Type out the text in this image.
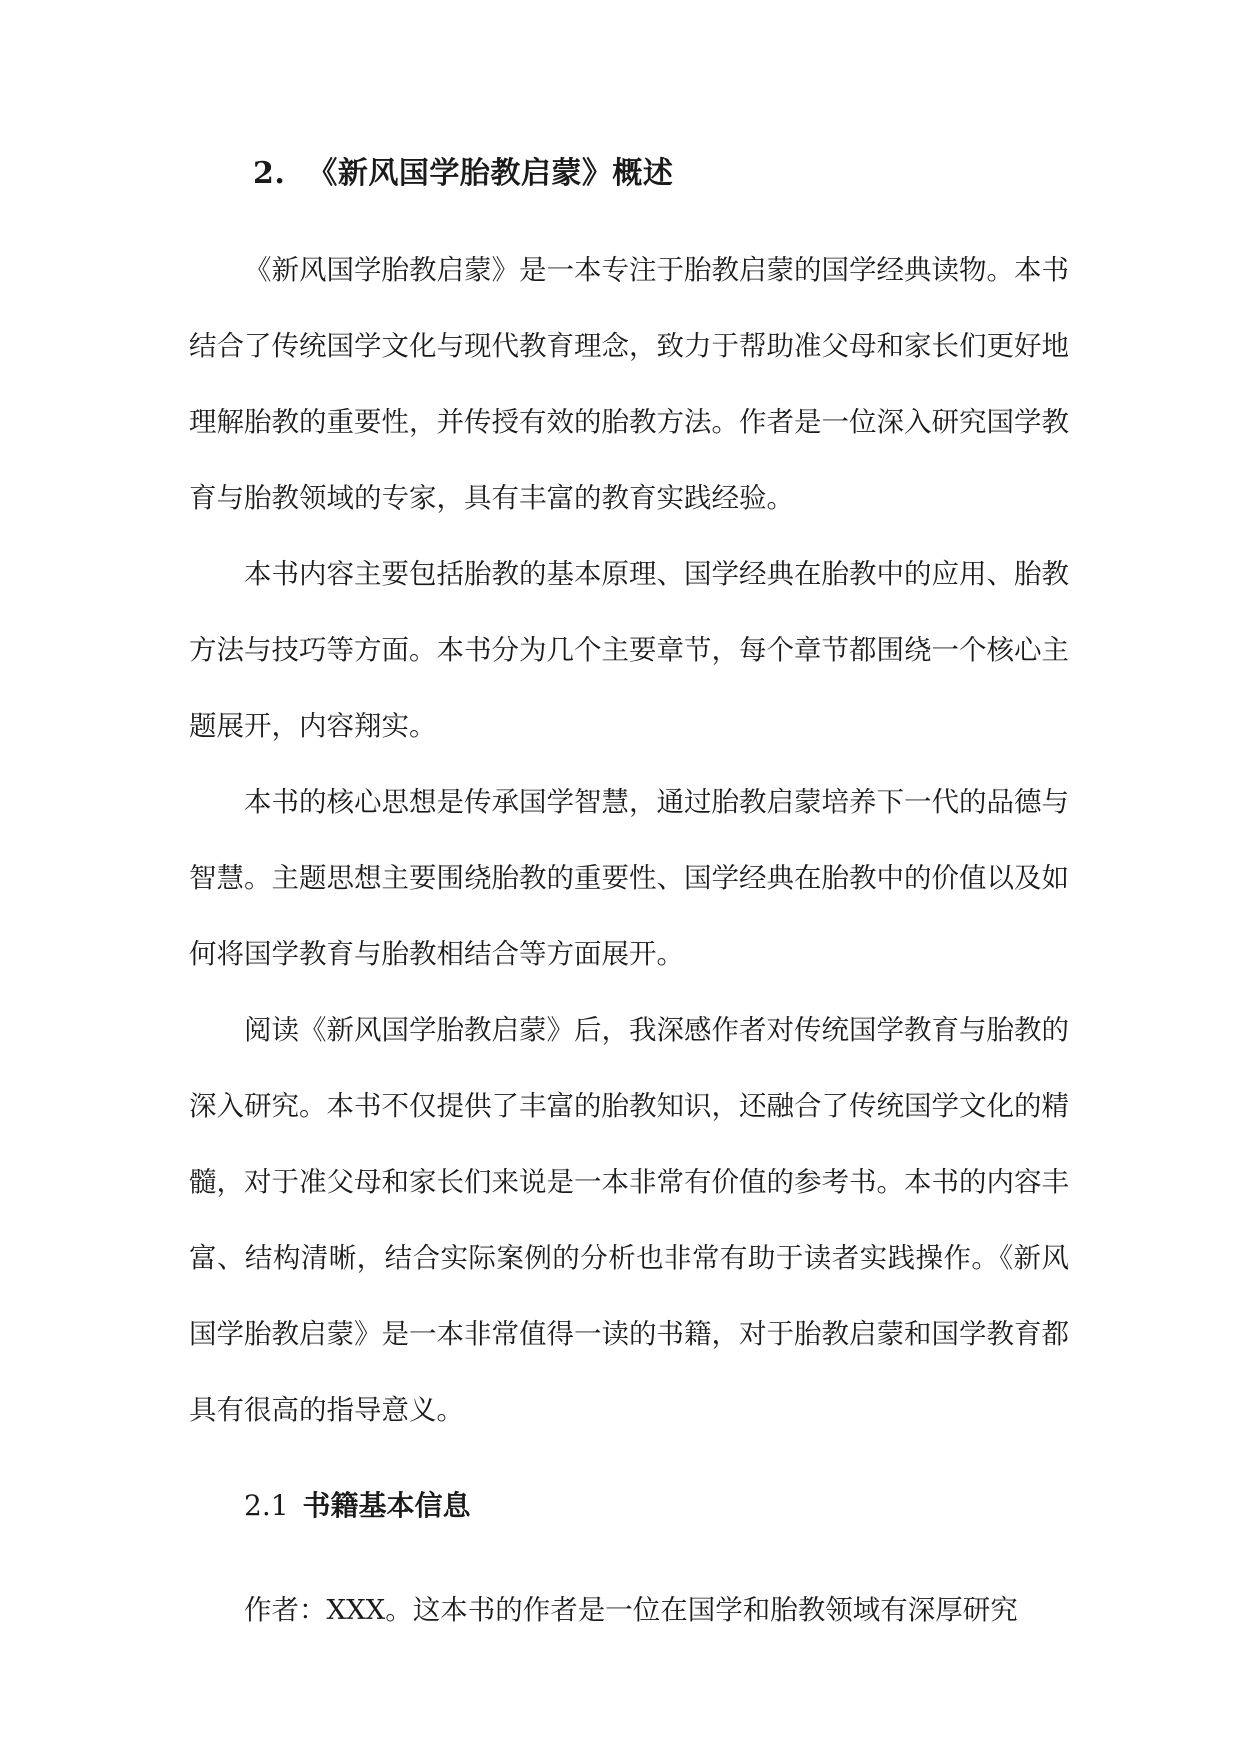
2. 《新风国学胎教启蒙》概述

《新风国学胎教启蒙》是一本专注于胎教启蒙的国学经典读物。本书结合了传统国学文化与现代教育理念，致力于帮助准父母和家长们更好地理解胎教的重要性，并传授有效的胎教方法。作者是一位深入研究国学教育与胎教领域的专家，具有丰富的教育实践经验。

本书内容主要包括胎教的基本原理、国学经典在胎教中的应用、胎教方法与技巧等方面。本书分为几个主要章节，每个章节都围绕一个核心主题展开，内容翔实。

本书的核心思想是传承国学智慧，通过胎教启蒙培养下一代的品德与智慧。主题思想主要围绕胎教的重要性、国学经典在胎教中的价值以及如何将国学教育与胎教相结合等方面展开。

阅读《新风国学胎教启蒙》后，我深感作者对传统国学教育与胎教的深入研究。本书不仅提供了丰富的胎教知识，还融合了传统国学文化的精髓，对于准父母和家长们来说是一本非常有价值的参考书。本书的内容丰富、结构清晰，结合实际案例的分析也非常有助于读者实践操作。《新风国学胎教启蒙》是一本非常值得一读的书籍，对于胎教启蒙和国学教育都具有很高的指导意义。

2.1 书籍基本信息

作者：XXX。这本书的作者是一位在国学和胎教领域有深厚研究
